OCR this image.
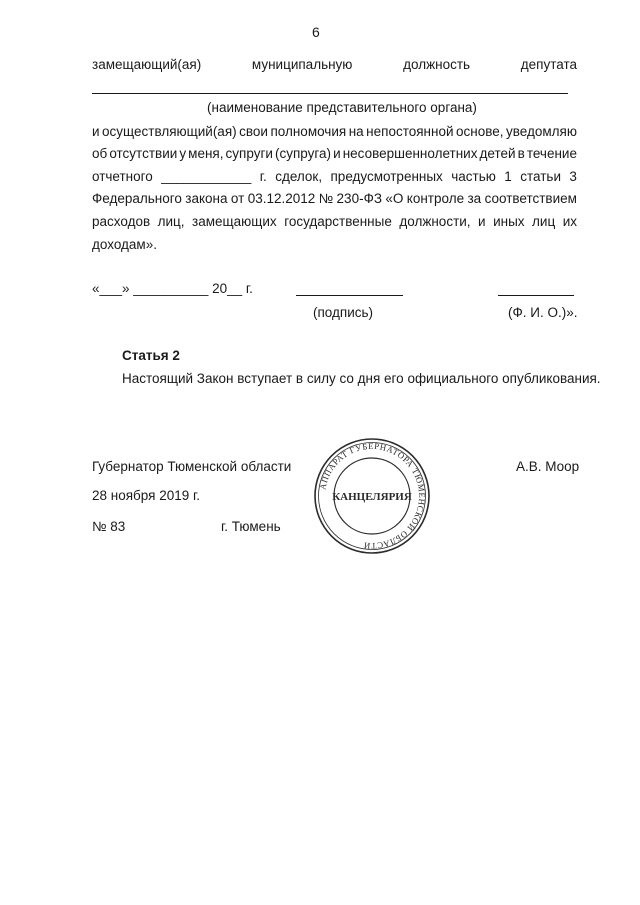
6
замещающий(ая)	муниципальную	должность	депутата
(наименование представительного органа)
и осуществляющий(ая) свои полномочия на непостоянной основе, уведомляю
об отсутствии у меня, супруги (супруга) и несовершеннолетних детей в течение
отчетного ____________ г. сделок, предусмотренных частью 1 статьи 3
Федерального закона от 03.12.2012 № 230-ФЗ «О контроле за соответствием
расходов лиц, замещающих государственные должности, и иных лиц их
доходам».
«___» __________ 20__ г.
(подпись)	(Ф. И. О.)».
Статья 2
Настоящий Закон вступает в силу со дня его официального опубликования.
Губернатор Тюменской области	А.В. Моор
28 ноября 2019 г.
№ 83	г. Тюмень
АППАРАТ ГУБЕРНАТОРА ТЮМЕНСКОЙ ОБЛАСТИ
КАНЦЕЛЯРИЯ
